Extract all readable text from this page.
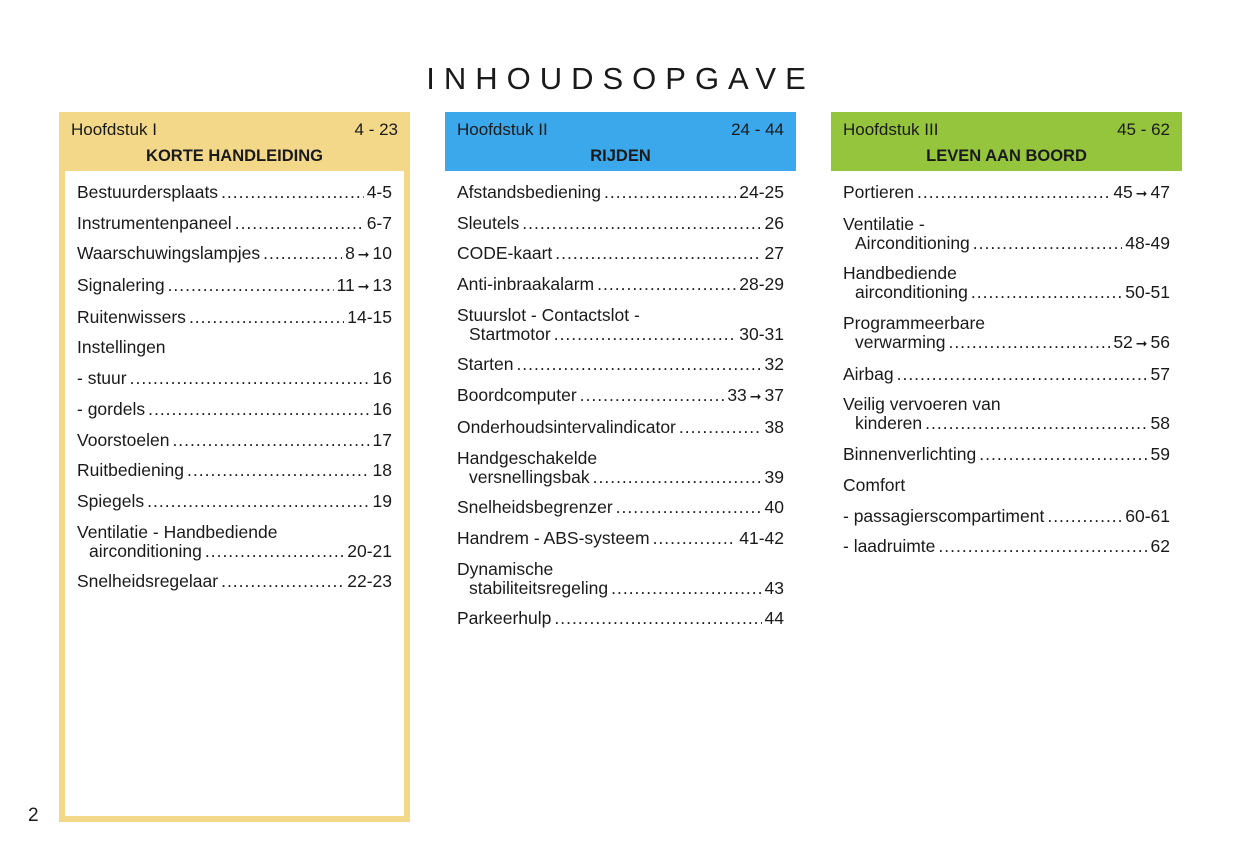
INHOUDSOPGAVE
Hoofdstuk I	4 - 23
KORTE HANDLEIDING
Bestuurdersplaats .....	4-5
Instrumentenpaneel .....	6-7
Waarschuwingslampjes .....	8 ➞ 10
Signalering .....	11 ➞ 13
Ruitenwissers .....	14-15
Instellingen
- stuur .....	16
- gordels .....	16
Voorstoelen .....	17
Ruitbediening .....	18
Spiegels .....	19
Ventilatie - Handbediende
airconditioning .....	20-21
Snelheidsregelaar .....	22-23
Hoofdstuk II	24 - 44
RIJDEN
Afstandsbediening .....	24-25
Sleutels .....	26
CODE-kaart .....	27
Anti-inbraakalarm .....	28-29
Stuurslot - Contactslot -
Startmotor .....	30-31
Starten .....	32
Boordcomputer .....	33 ➞ 37
Onderhoudsintervalindicator .....	38
Handgeschakelde
versnellingsbak .....	39
Snelheidsbegrenzer .....	40
Handrem - ABS-systeem .....	41-42
Dynamische
stabiliteitsregeling .....	43
Parkeerhulp .....	44
Hoofdstuk III	45 - 62
LEVEN AAN BOORD
Portieren .....	45 ➞ 47
Ventilatie -
Airconditioning .....	48-49
Handbediende
airconditioning .....	50-51
Programmeerbare
verwarming .....	52 ➞ 56
Airbag .....	57
Veilig vervoeren van
kinderen .....	58
Binnenverlichting .....	59
Comfort
- passagierscompartiment .....	60-61
- laadruimte .....	62
2
